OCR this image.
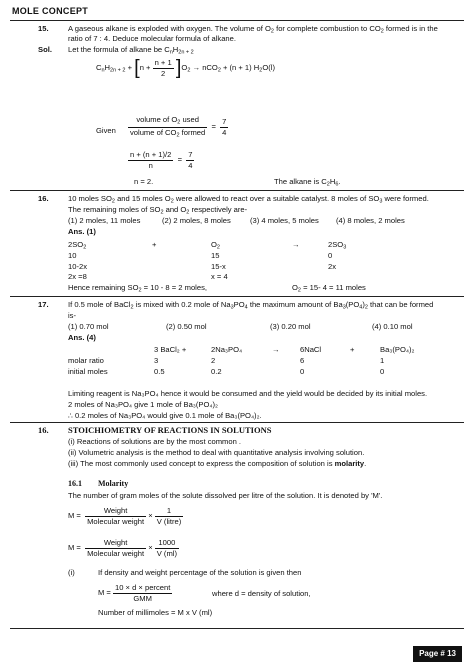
MOLE CONCEPT
15.	A gaseous alkane is exploded with oxygen. The volume of $O_2$ for complete combustion to $CO_2$ formed is in the
ratio of 7 : 4. Deduce molecular formula of alkane.
Sol. Let the formula of alkane be $C_nH_{2n + 2}$
$C_nH_{2n + 2} + [n + \frac{n + 1}{2} ]O_2 \to nCO_2 + (n + 1)$ $H_2O(l)$
Given $\frac{volume of O_2 used}{volume of CO_2 formed} = \frac{7}{4}$
$\frac{n + (n + 1)/2}{n} = \frac{7}{4}$
n = 2.	The alkane is $C_2H_6$.
16.	10 moles $SO_2$ and 15 moles $O_2$ were allowed to react over a suitable catalyst. 8 moles of $SO_3$ were formed.
The remaining moles of $SO_2$ and $O_2$ respectively are-
(1) 2 moles, 11 moles	(2) 2 moles, 8 moles	(3) 4 moles, 5 moles (4) 8 moles, 2 moles
Ans. (1)
$2SO_2$	+	$O_2$	→	$2SO_3$
10	15	0
10-2x	15-x	2x
2x =8	x = 4
Hence remaining $SO_2 = 10 - 8 = 2$ moles,	$O_2 = 15-$ 4 = 11 moles
17.	If 0.5 mole of BaCl$_2$ is mixed with 0.2 mole of $Na_3PO_4$ the maximum amount of $Ba_3(PO_4)_2$ that can be formed
is-
(1) 0.70 mol	(2) 0.50 mol	(3) 0.20 mol	(4) 0.10 mol
Ans. (4)
3 BaCl₂ +	2Na₃PO₄	→	6NaCl	+	Ba₃(PO₄)₂
molar ratio	3	2	6	1
initial moles	0.5	0.2	0	0
Limiting reagent is Na₃PO₄ hence it would be consumed and the yield would be decided by its initial moles.
2 moles of Na₃PO₄ give 1 mole of Ba₃(PO₄)₂
∴ 0.2 moles of Na₃PO₄ would give 0.1 mole of Ba₃(PO₄)₂.
16. STOICHIOMETRY OF REACTIONS IN SOLUTIONS
(i) Reactions of solutions are by the most common .
(ii) Volumetric analysis is the method to deal with quantitative analysis involving solution.
(iii) The most commonly used concept to express the composition of solution is molarity.
16.1 Molarity
The number of gram moles of the solute dissolved per litre of the solution. It is denoted by 'M'.
$M = \frac{\text{Weight}}{\text{Molecular weight}} \times \frac{1}{\text{V (litre)}}$
$M = \frac{\text{Weight}}{\text{Molecular weight}} \times \frac{1000}{V (ml)}$
(i)	If density and weight percentage of the solution is given then
$M = \frac{\text{10 × d × percent}}{\text{GMM}}$	where d = density of solution,
Number of millimoles = M x V (ml)
Page # 13
